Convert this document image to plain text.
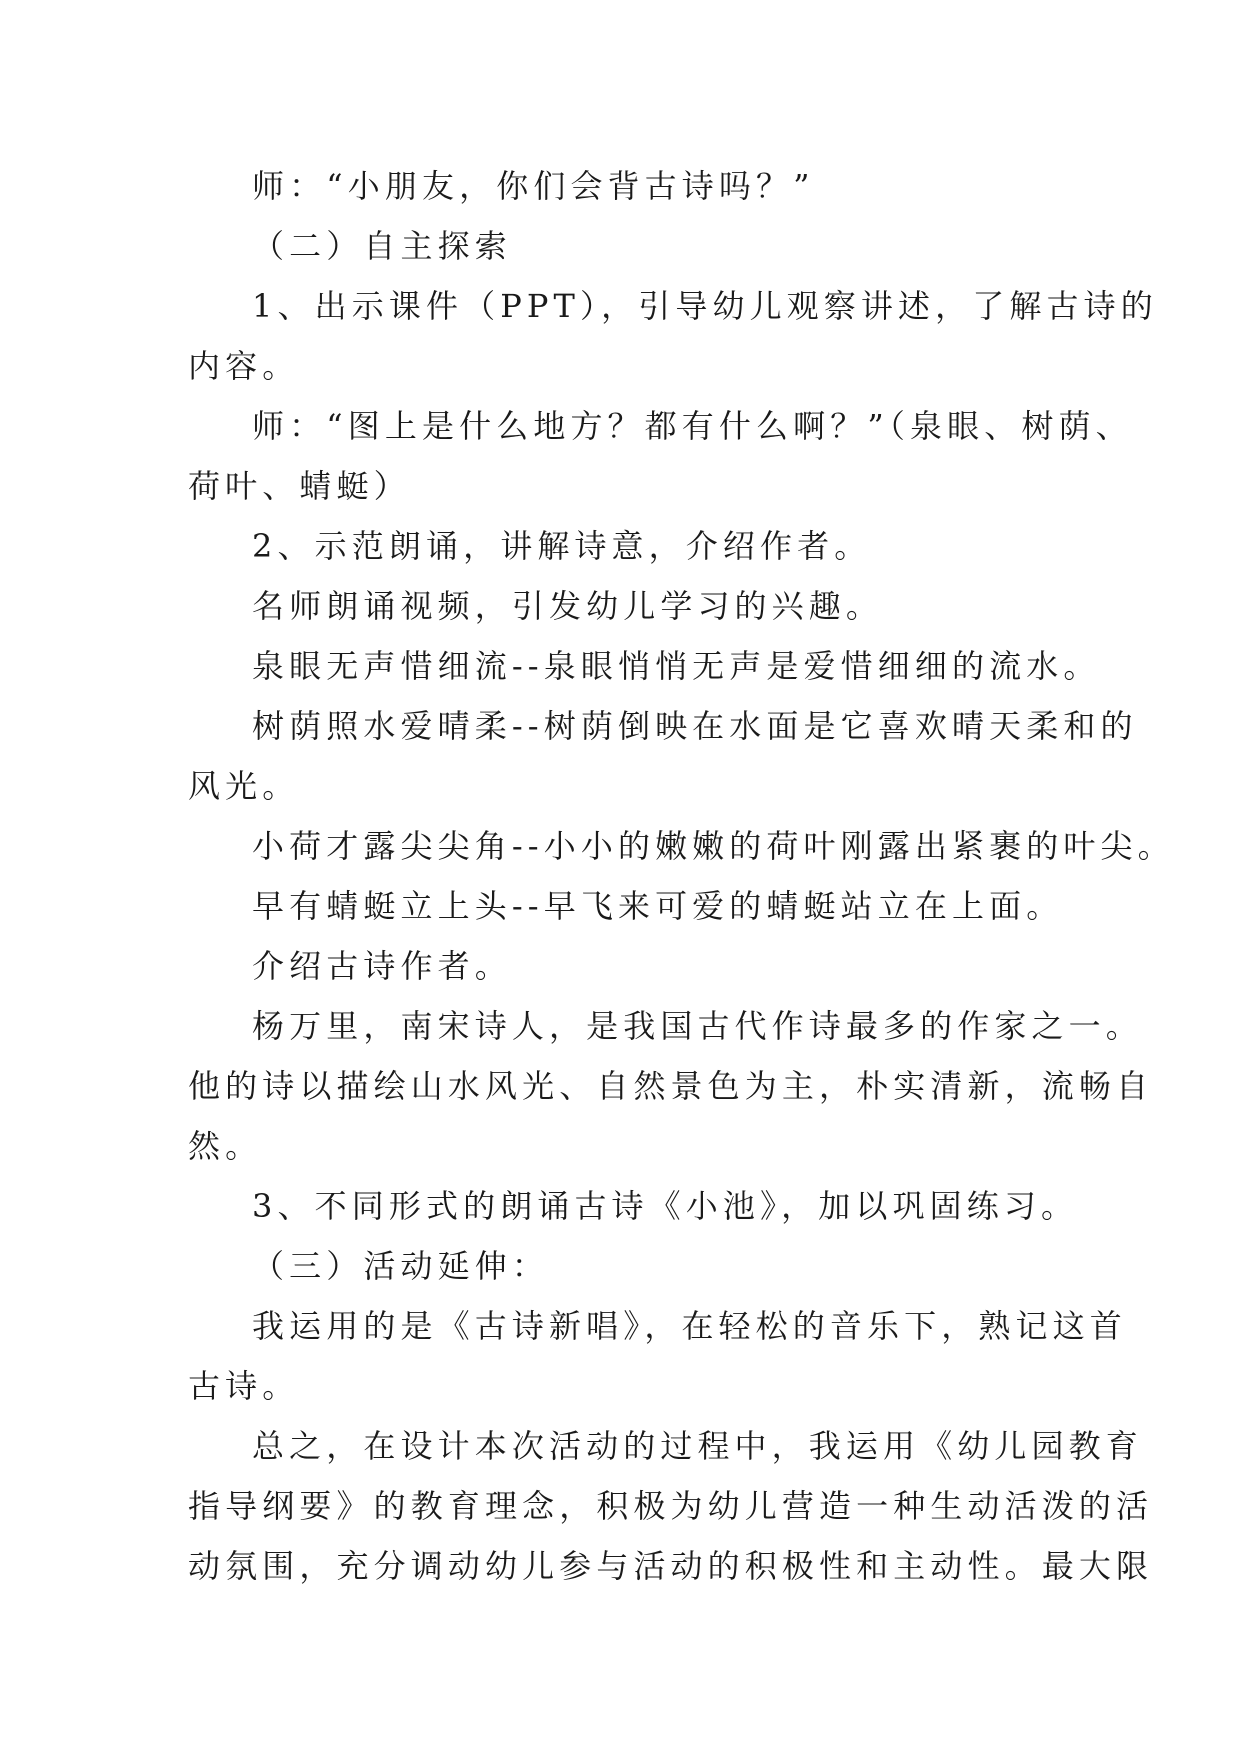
师：“小朋友，你们会背古诗吗？”
（二）自主探索
1、出示课件（PPT），引导幼儿观察讲述，了解古诗的
内容。
师：“图上是什么地方？都有什么啊？”（泉眼、树荫、
荷叶、蜻蜓）
2、示范朗诵，讲解诗意，介绍作者。
名师朗诵视频，引发幼儿学习的兴趣。
泉眼无声惜细流--泉眼悄悄无声是爱惜细细的流水。
树荫照水爱晴柔--树荫倒映在水面是它喜欢晴天柔和的
风光。
小荷才露尖尖角--小小的嫩嫩的荷叶刚露出紧裹的叶尖。
早有蜻蜓立上头--早飞来可爱的蜻蜓站立在上面。
介绍古诗作者。
杨万里，南宋诗人，是我国古代作诗最多的作家之一。
他的诗以描绘山水风光、自然景色为主，朴实清新，流畅自
然。
3、不同形式的朗诵古诗《小池》，加以巩固练习。
（三）活动延伸：
我运用的是《古诗新唱》，在轻松的音乐下，熟记这首
古诗。
总之，在设计本次活动的过程中，我运用《幼儿园教育
指导纲要》的教育理念，积极为幼儿营造一种生动活泼的活
动氛围，充分调动幼儿参与活动的积极性和主动性。最大限
